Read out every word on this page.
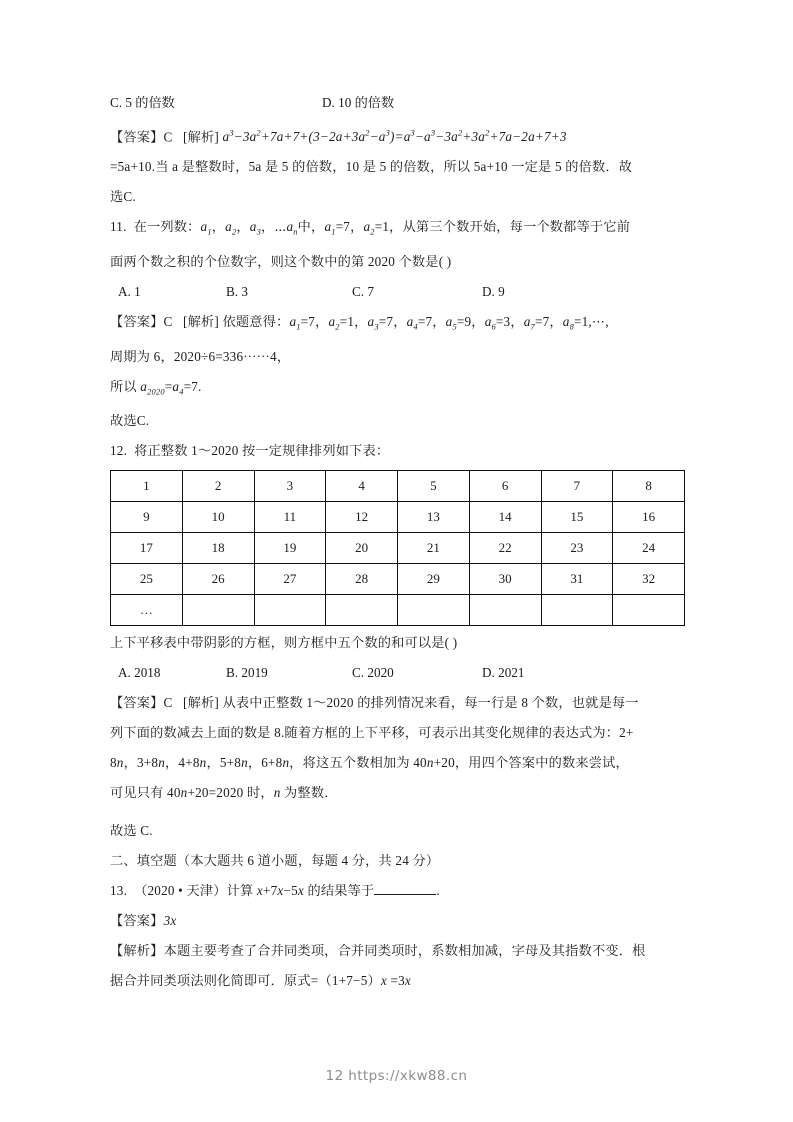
C. 5 的倍数	D. 10 的倍数
【答案】C [解析] $a^3-3a^2+7a+7+(3-2a+3a^2-a^3)=a^3-a^3-3a^2+3a^2+7a-2a+7+3$
=5a+10.当 a 是整数时，5a 是 5 的倍数，10 是 5 的倍数，所以 5a+10 一定是 5 的倍数．故
选C.
11. 在一列数：$a_1$，$a_2$，$a_3$，$\cdots a_n$中，$a_1=7$，$a_2=1$，从第三个数开始，每一个数都等于它前
面两个数之积的个位数字，则这个数中的第 2020 个数是( )
A. 1	B. 3	C. 7	D. 9
【答案】C [解析] 依题意得：$a_1=7$，$a_2=1$，$a_3=7$，$a_4=7$，$a_5=9$，$a_6=3$，$a_7=7$，$a_8=1,\cdots$,
周期为 6，2020÷6=336⋯⋯4，
所以 $a_{2020}=a_4=7$.
故选C.
12. 将正整数 1～2020 按一定规律排列如下表：
1	2	3	4	5	6	7	8
9	10	11	12	13	14	15	16
17	18	19	20	21	22	23	24
25	26	27	28	29	30	31	32
…							
上下平移表中带阴影的方框，则方框中五个数的和可以是( )
A. 2018	B. 2019	C. 2020	D. 2021
【答案】C [解析] 从表中正整数 1～2020 的排列情况来看，每一行是 8 个数，也就是每一
列下面的数减去上面的数是 8.随着方框的上下平移，可表示出其变化规律的表达式为：2+
8n，3+8n，4+8n，5+8n，6+8n，将这五个数相加为 40n+20，用四个答案中的数来尝试，
可见只有 40n+20=2020 时，n 为整数．
故选 C.
二、填空题（本大题共 6 道小题，每题 4 分，共 24 分）
13. （2020 • 天津）计算 x+7x−5x 的结果等于	.
【答案】3x
【解析】本题主要考查了合并同类项，合并同类项时，系数相加减，字母及其指数不变．根
据合并同类项法则化简即可．原式=（1+7−5）x =3x
12 https://xkw88.cn
